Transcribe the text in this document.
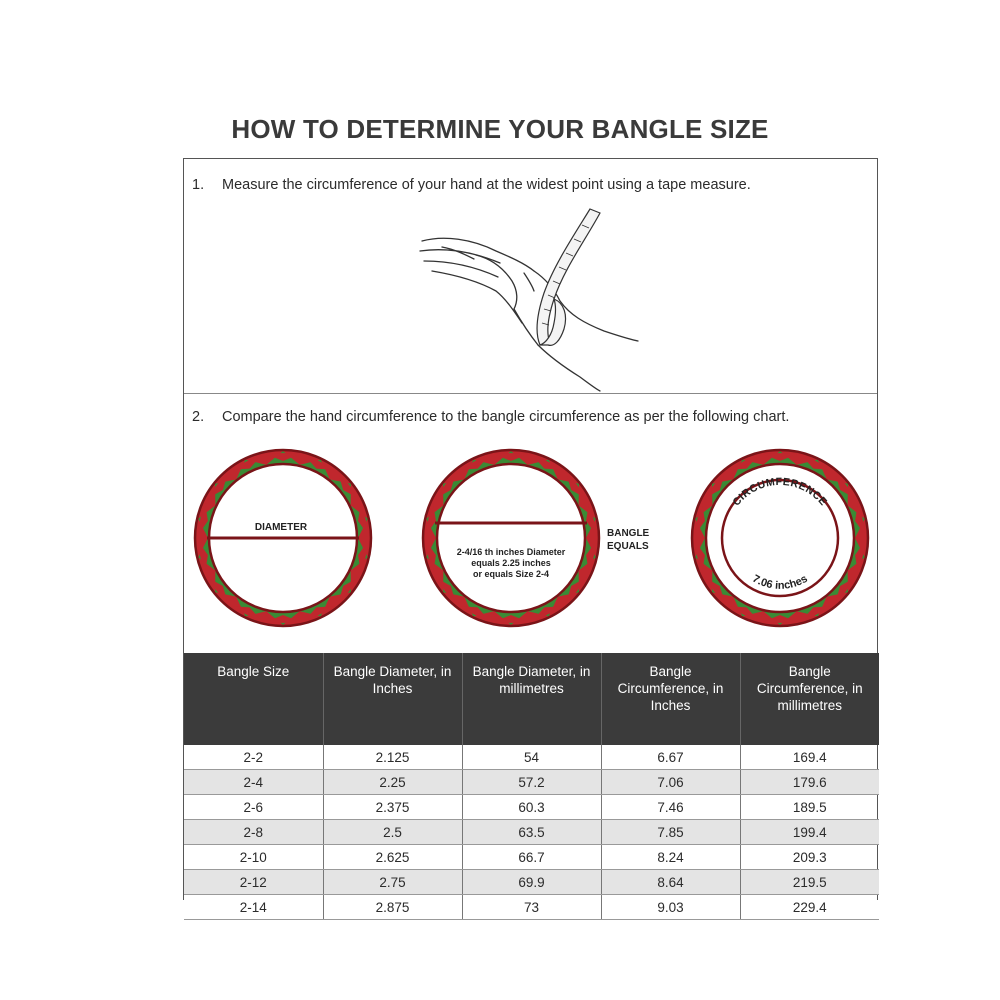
HOW TO DETERMINE YOUR BANGLE SIZE
1. Measure the circumference of your hand at the widest point using a tape measure.
2. Compare the hand circumference to the bangle circumference as per the following chart.
DIAMETER
2-4/16 th inches Diameter
equals 2.25 inches
or equals Size 2-4
BANGLE
EQUALS
CIRCUMFERENCE
7.06 inches
Bangle Size	Bangle Diameter, in Inches	Bangle Diameter, in millimetres	Bangle Circumference, in Inches	Bangle Circumference, in millimetres
2-2	2.125	54	6.67	169.4
2-4	2.25	57.2	7.06	179.6
2-6	2.375	60.3	7.46	189.5
2-8	2.5	63.5	7.85	199.4
2-10	2.625	66.7	8.24	209.3
2-12	2.75	69.9	8.64	219.5
2-14	2.875	73	9.03	229.4
